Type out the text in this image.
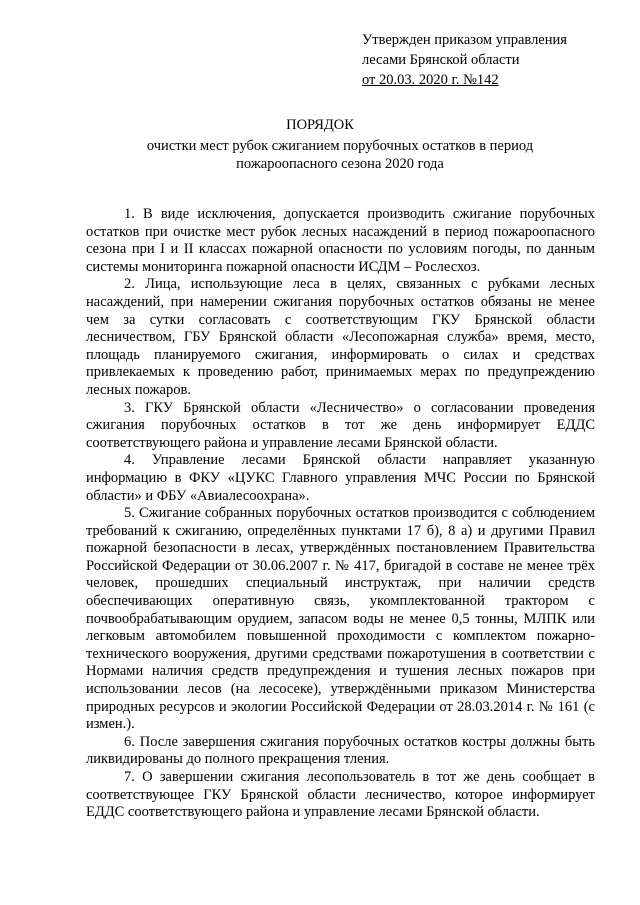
Утвержден приказом управления
лесами Брянской области
от 20.03. 2020 г. №142
ПОРЯДОК
очистки мест рубок сжиганием порубочных остатков в период пожароопасного сезона 2020 года

1. В виде исключения, допускается производить сжигание порубочных остатков при очистке мест рубок лесных насаждений в период пожароопасного сезона при I и II классах пожарной опасности по условиям погоды, по данным системы мониторинга пожарной опасности ИСДМ – Рослесхоз.

2. Лица, использующие леса в целях, связанных с рубками лесных насаждений, при намерении сжигания порубочных остатков обязаны не менее чем за сутки согласовать с соответствующим ГКУ Брянской области лесничеством, ГБУ Брянской области «Лесопожарная служба» время, место, площадь планируемого сжигания, информировать о силах и средствах привлекаемых к проведению работ, принимаемых мерах по предупреждению лесных пожаров.

3. ГКУ Брянской области «Лесничество» о согласовании проведения сжигания порубочных остатков в тот же день информирует ЕДДС соответствующего района и управление лесами Брянской области.

4. Управление лесами Брянской области направляет указанную информацию в ФКУ «ЦУКС Главного управления МЧС России по Брянской области» и ФБУ «Авиалесоохрана».

5. Сжигание собранных порубочных остатков производится с соблюдением требований к сжиганию, определённых пунктами 17 б), 8 а) и другими Правил пожарной безопасности в лесах, утверждённых постановлением Правительства Российской Федерации от 30.06.2007 г. № 417, бригадой в составе не менее трёх человек, прошедших специальный инструктаж, при наличии средств обеспечивающих оперативную связь, укомплектованной трактором с почвообрабатывающим орудием, запасом воды не менее 0,5 тонны, МЛПК или легковым автомобилем повышенной проходимости с комплектом пожарно-технического вооружения, другими средствами пожаротушения в соответствии с Нормами наличия средств предупреждения и тушения лесных пожаров при использовании лесов (на лесосеке), утверждёнными приказом Министерства природных ресурсов и экологии Российской Федерации от 28.03.2014 г. № 161 (с измен.).

6. После завершения сжигания порубочных остатков костры должны быть ликвидированы до полного прекращения тления.

7. О завершении сжигания лесопользователь в тот же день сообщает в соответствующее ГКУ Брянской области лесничество, которое информирует ЕДДС соответствующего района и управление лесами Брянской области.
